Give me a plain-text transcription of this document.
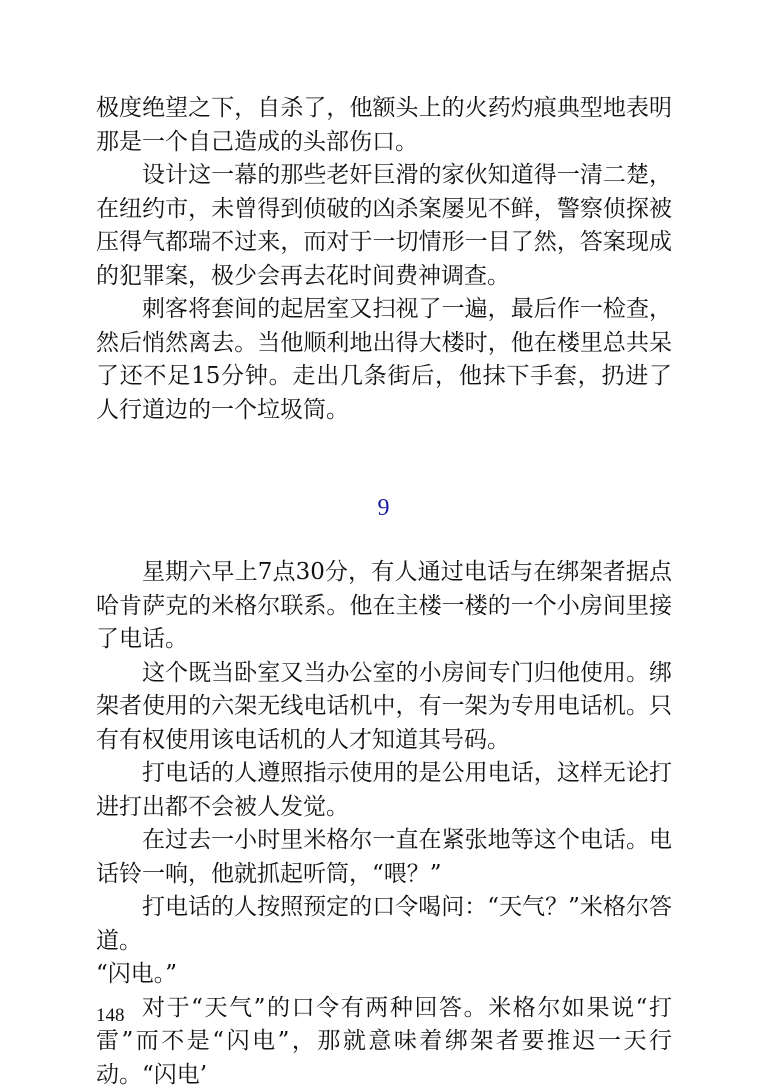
极度绝望之下，自杀了，他额头上的火药灼痕典型地表明那是一个自己造成的头部伤口。

设计这一幕的那些老奸巨滑的家伙知道得一清二楚，在纽约市，未曾得到侦破的凶杀案屡见不鲜，警察侦探被压得气都瑞不过来，而对于一切情形一目了然，答案现成的犯罪案，极少会再去花时间费神调查。

刺客将套间的起居室又扫视了一遍，最后作一检查，然后悄然离去。当他顺利地出得大楼时，他在楼里总共呆了还不足15分钟。走出几条街后，他抹下手套，扔进了人行道边的一个垃圾筒。

9

星期六早上7点30分，有人通过电话与在绑架者据点哈肯萨克的米格尔联系。他在主楼一楼的一个小房间里接了电话。

这个既当卧室又当办公室的小房间专门归他使用。绑架者使用的六架无线电话机中，有一架为专用电话机。只有有权使用该电话机的人才知道其号码。

打电话的人遵照指示使用的是公用电话，这样无论打进打出都不会被人发觉。

在过去一小时里米格尔一直在紧张地等这个电话。电话铃一响，他就抓起听筒，“喂？”

打电话的人按照预定的口令喝问：“天气？”米格尔答道。

“闪电。”

对于“天气”的口令有两种回答。米格尔如果说“打雷”而不是“闪电”，那就意味着绑架者要推迟一天行动。“闪电’

148
